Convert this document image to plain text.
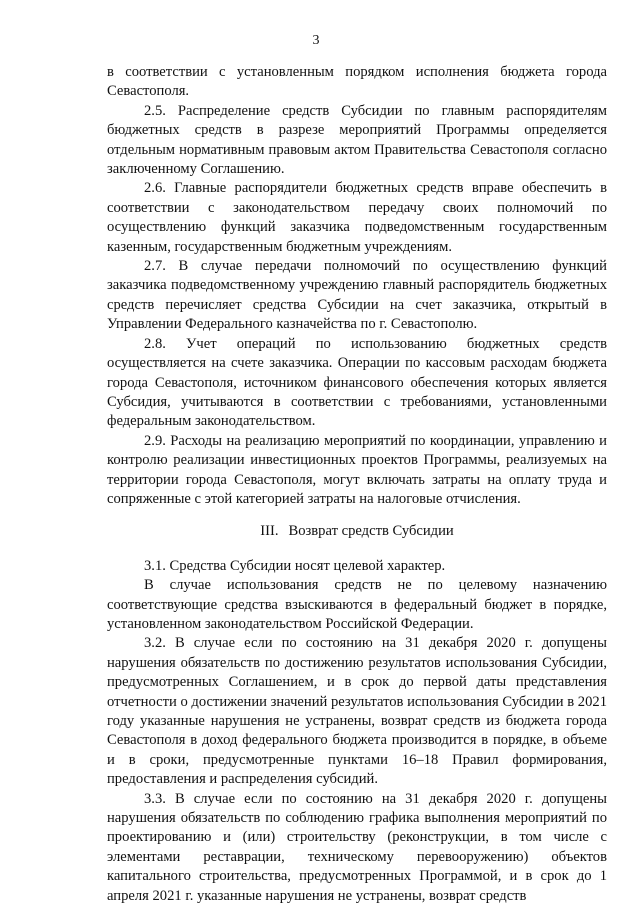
3

в соответствии с установленным порядком исполнения бюджета города Севастополя.

2.5. Распределение средств Субсидии по главным распорядителям бюджетных средств в разрезе мероприятий Программы определяется отдельным нормативным правовым актом Правительства Севастополя согласно заключенному Соглашению.

2.6. Главные распорядители бюджетных средств вправе обеспечить в соответствии с законодательством передачу своих полномочий по осуществлению функций заказчика подведомственным государственным казенным, государственным бюджетным учреждениям.

2.7. В случае передачи полномочий по осуществлению функций заказчика подведомственному учреждению главный распорядитель бюджетных средств перечисляет средства Субсидии на счет заказчика, открытый в Управлении Федерального казначейства по г. Севастополю.

2.8. Учет операций по использованию бюджетных средств осуществляется на счете заказчика. Операции по кассовым расходам бюджета города Севастополя, источником финансового обеспечения которых является Субсидия, учитываются в соответствии с требованиями, установленными федеральным законодательством.

2.9. Расходы на реализацию мероприятий по координации, управлению и контролю реализации инвестиционных проектов Программы, реализуемых на территории города Севастополя, могут включать затраты на оплату труда и сопряженные с этой категорией затраты на налоговые отчисления.

III. Возврат средств Субсидии

3.1. Средства Субсидии носят целевой характер.

В случае использования средств не по целевому назначению соответствующие средства взыскиваются в федеральный бюджет в порядке, установленном законодательством Российской Федерации.

3.2. В случае если по состоянию на 31 декабря 2020 г. допущены нарушения обязательств по достижению результатов использования Субсидии, предусмотренных Соглашением, и в срок до первой даты представления отчетности о достижении значений результатов использования Субсидии в 2021 году указанные нарушения не устранены, возврат средств из бюджета города Севастополя в доход федерального бюджета производится в порядке, в объеме и в сроки, предусмотренные пунктами 16–18 Правил формирования, предоставления и распределения субсидий.

3.3. В случае если по состоянию на 31 декабря 2020 г. допущены нарушения обязательств по соблюдению графика выполнения мероприятий по проектированию и (или) строительству (реконструкции, в том числе с элементами реставрации, техническому перевооружению) объектов капитального строительства, предусмотренных Программой, и в срок до 1 апреля 2021 г. указанные нарушения не устранены, возврат средств
